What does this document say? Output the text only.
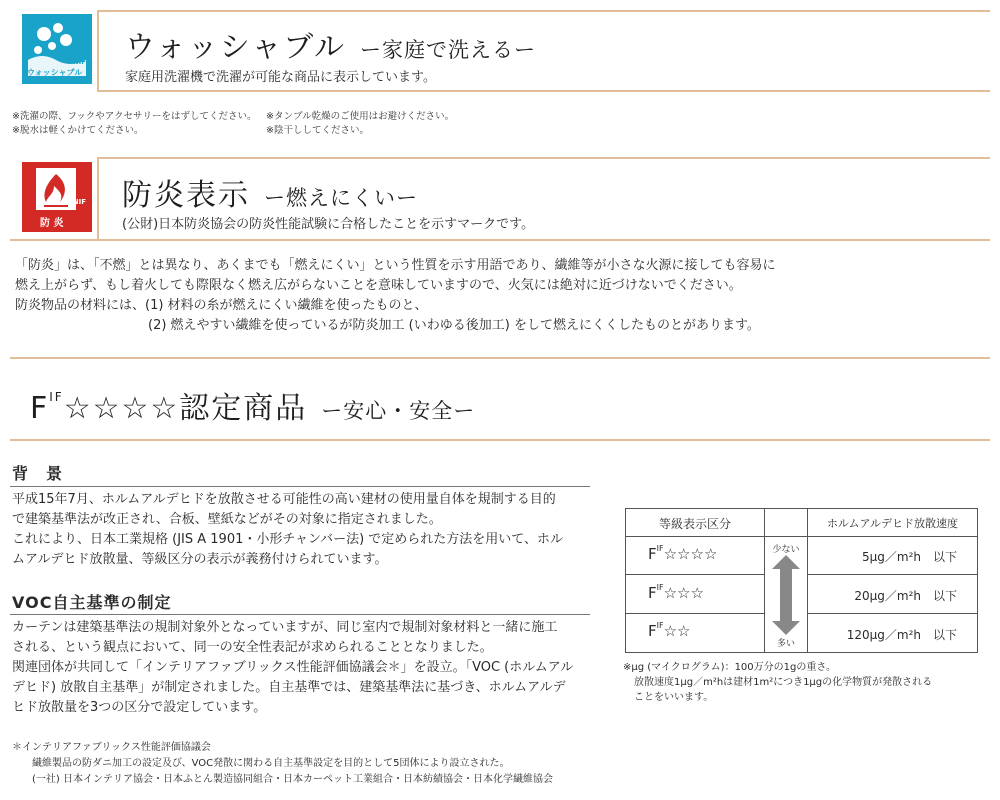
NIF
ウォッシャブル
ウォッシャブル ー家庭で洗えるー
家庭用洗濯機で洗濯が可能な商品に表示しています。
※洗濯の際、フックやアクセサリーをはずしてください。 ※タンブル乾燥のご使用はお避けください。
※脱水は軽くかけてください。	※陰干ししてください。
NIF
防 炎
防炎表示 ー燃えにくいー
(公財)日本防炎協会の防炎性能試験に合格したことを示すマークです。
「防炎」は、「不燃」とは異なり、あくまでも「燃えにくい」という性質を示す用語であり、繊維等が小さな火源に接しても容易に
燃え上がらず、もし着火しても際限なく燃え広がらないことを意味していますので、火気には絶対に近づけないでください。
防炎物品の材料には、(1) 材料の糸が燃えにくい繊維を使ったものと、
(2) 燃えやすい繊維を使っているが防炎加工 (いわゆる後加工) をして燃えにくくしたものとがあります。
$F^{IF}☆☆☆☆$認定商品 ー安心・安全ー
背　景
平成15年7月、ホルムアルデヒドを放散させる可能性の高い建材の使用量自体を規制する目的
で建築基準法が改正され、合板、壁紙などがその対象に指定されました。
これにより、日本工業規格 (JIS A 1901・小形チャンバー法) で定められた方法を用いて、ホル
ムアルデヒド放散量、等級区分の表示が義務付けられています。
VOC自主基準の制定
カーテンは建築基準法の規制対象外となっていますが、同じ室内で規制対象材料と一緒に施工
される、という観点において、同一の安全性表記が求められることとなりました。
関連団体が共同して「インテリアファブリックス性能評価協議会＊」を設立。「VOC (ホルムアル
デヒド) 放散自主基準」が制定されました。自主基準では、建築基準法に基づき、ホルムアルデ
ヒド放散量を3つの区分で設定しています。
等級表示区分	ホルムアルデヒド放散速度
$F^{IF}☆☆☆☆$	5μg／m²h　以下
$F^{IF}☆☆☆$	20μg／m²h　以下
$F^{IF}☆☆$	120μg／m²h　以下
少ない
多い
※μg (マイクログラム)：100万分の1gの重さ。
放散速度1μg／m²hは建材1m²につき1μgの化学物質が発散される
ことをいいます。
＊インテリアファブリックス性能評価協議会
繊維製品の防ダニ加工の設定及び、VOC発散に関わる自主基準設定を目的として5団体により設立された。
(一社) 日本インテリア協会・日本ふとん製造協同組合・日本カーペット工業組合・日本紡績協会・日本化学繊維協会
